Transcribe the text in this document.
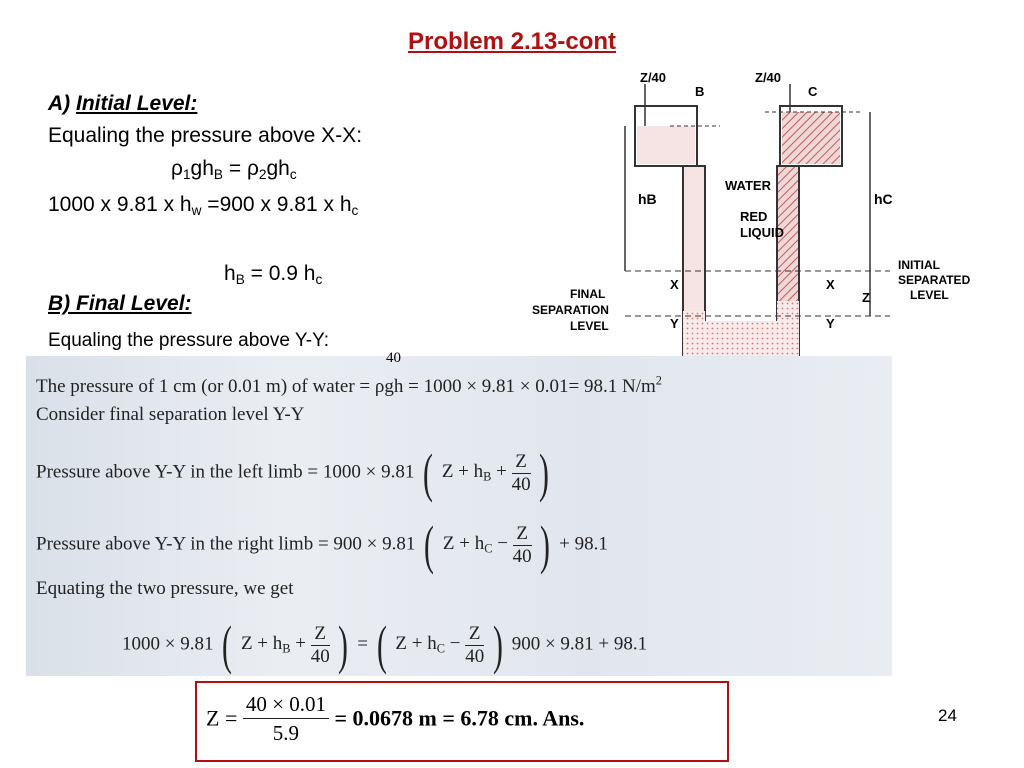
Problem 2.13-cont
A) Initial Level:
Equaling the pressure above X-X:
$\rho_1gh_B = \rho_2gh_c$
1000 x 9.81 x $h_w =900$ x 9.81 x $h_c$
$h_B = 0.9$ $h_c$
B) Final Level:
Equaling the pressure above Y-Y:
Z/40	Z/40
B	C
WATER
RED
LIQUID
hB	hC
X	X
Y	Y
Z
INITIAL
SEPARATED
LEVEL
FINAL
SEPARATION
LEVEL
40
The pressure of 1 cm (or 0.01 m) of water = ρgh = 1000 × 9.81 × 0.01= 98.1 $N/m^2$
Consider final separation level Y-Y
Pressure above Y-Y in the left limb = 1000 × 9.81 ( $Z + h_B + \frac{Z}{40}$ )
Pressure above Y-Y in the right limb = 900 × 9.81 ( $Z + h_C - \frac{Z}{40}$ ) + 98.1
Equating the two pressure, we get
1000 × 9.81 ( $Z + h_B + \frac{Z}{40}$ ) = ( $Z + h_C - \frac{Z}{40}$ ) 900 × 9.81 + 98.1
$Z = \frac{40 \times 0.01}{5.9} = 0.0678$ m = 6.78 cm. Ans.	24
